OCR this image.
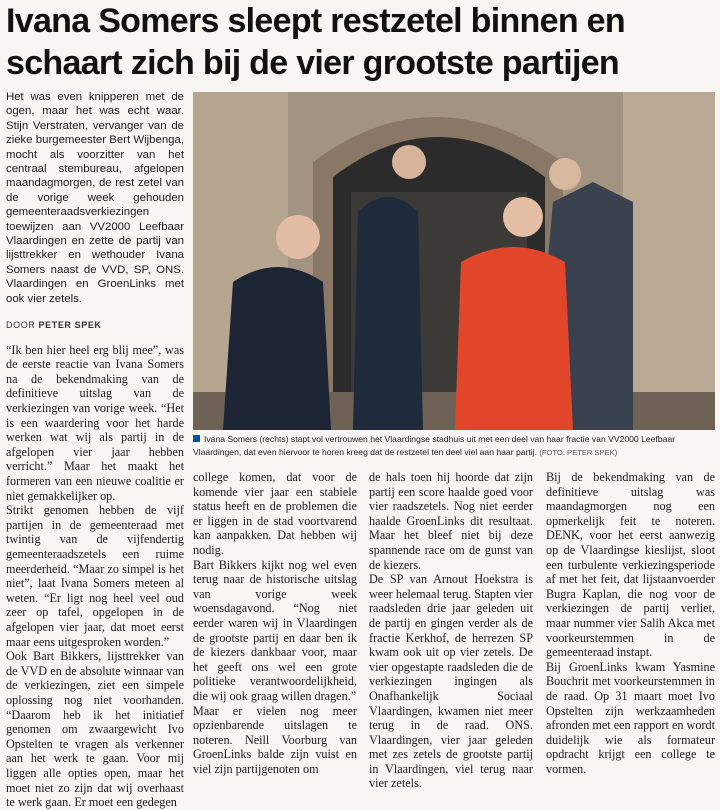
Ivana Somers sleept restzetel binnen en
schaart zich bij de vier grootste partijen

Het was even knipperen met de ogen, maar het was echt waar. Stijn Verstraten, vervanger van de zieke burgemeester Bert Wijbenga, mocht als voorzitter van het centraal stembureau, afgelopen maandagmorgen, de rest zetel van de vorige week gehouden gemeenteraadsverkiezingen toewijzen aan VV2000 Leefbaar Vlaardingen en zette de partij van lijsttrekker en wethouder Ivana Somers naast de VVD, SP, ONS. Vlaardingen en GroenLinks met ook vier zetels.

DOOR PETER SPEK

“Ik ben hier heel erg blij mee”, was de eerste reactie van Ivana Somers na de bekendmaking van de definitieve uitslag van de verkiezingen van vorige week. “Het is een waardering voor het harde werken wat wij als partij in de afgelopen vier jaar hebben verricht.” Maar het maakt het formeren van een nieuwe coalitie er niet gemakkelijker op.

Strikt genomen hebben de vijf partijen in de gemeenteraad met twintig van de vijfendertig gemeenteraadszetels een ruime meerderheid. “Maar zo simpel is het niet”, laat Ivana Somers meteen al weten. “Er ligt nog heel veel oud zeer op tafel, opgelopen in de afgelopen vier jaar, dat moet eerst maar eens uitgesproken worden.”

Ook Bart Bikkers, lijsttrekker van de VVD en de absolute winnaar van de verkiezingen, ziet een simpele oplossing nog niet voorhanden. “Daarom heb ik het initiatief genomen om zwaargewicht Ivo Opstelten te vragen als verkenner aan het werk te gaan. Voor mij liggen alle opties open, maar het moet niet zo zijn dat wij overhaast te werk gaan. Er moet een gedegen

Ivana Somers (rechts) stapt vol vertrouwen het Vlaardingse stadhuis uit met een deel van haar fractie van VV2000 Leefbaar Vlaardingen, dat even hiervoor te horen kreeg dat de restzetel ten deel viel aan haar partij. (FOTO: PETER SPEK)

college komen, dat voor de komende vier jaar een stabiele status heeft en de problemen die er liggen in de stad voortvarend kan aanpakken. Dat hebben wij nodig.

Bart Bikkers kijkt nog wel even terug naar de historische uitslag van vorige week woensdagavond. “Nog niet eerder waren wij in Vlaardingen de grootste partij en daar ben ik de kiezers dankbaar voor, maar het geeft ons wel een grote politieke verantwoordelijkheid, die wij ook graag willen dragen.”

Maar er vielen nog meer opzienbarende uitslagen te noteren. Neill Voorburg van GroenLinks balde zijn vuist en viel zijn partijgenoten om

de hals toen hij hoorde dat zijn partij een score haalde goed voor vier raadszetels. Nog niet eerder haalde GroenLinks dit resultaat. Maar het bleef niet bij deze spannende race om de gunst van de kiezers.

De SP van Arnout Hoekstra is weer helemaal terug. Stapten vier raadsleden drie jaar geleden uit de partij en gingen verder als de fractie Kerkhof, de herrezen SP kwam ook uit op vier zetels. De vier opgestapte raadsleden die de verkiezingen ingingen als Onafhankelijk Sociaal Vlaardingen, kwamen niet meer terug in de raad. ONS. Vlaardingen, vier jaar geleden met zes zetels de grootste partij in Vlaardingen, viel terug naar vier zetels.

Bij de bekendmaking van de definitieve uitslag was maandagmorgen nog een opmerkelijk feit te noteren. DENK, voor het eerst aanwezig op de Vlaardingse kieslijst, sloot een turbulente verkiezingsperiode af met het feit, dat lijstaanvoerder Bugra Kaplan, die nog voor de verkiezingen de partij verliet, maar nummer vier Salih Akca met voorkeurstemmen in de gemeenteraad instapt.

Bij GroenLinks kwam Yasmine Bouchrit met voorkeurstemmen in de raad. Op 31 maart moet Ivo Opstelten zijn werkzaamheden afronden met een rapport en wordt duidelijk wie als formateur opdracht krijgt een college te vormen.
